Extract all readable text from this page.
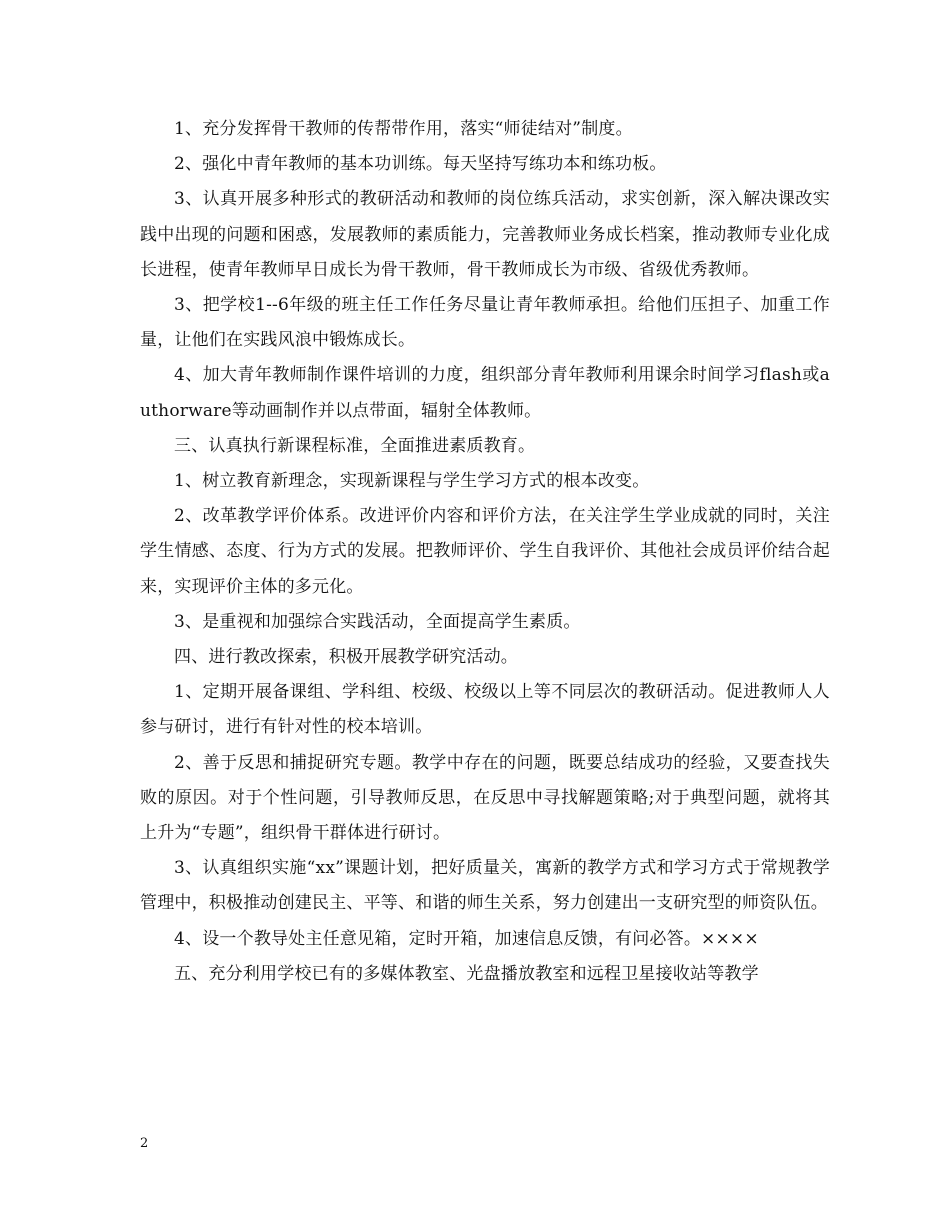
1、充分发挥骨干教师的传帮带作用，落实“师徒结对”制度。

2、强化中青年教师的基本功训练。每天坚持写练功本和练功板。

3、认真开展多种形式的教研活动和教师的岗位练兵活动，求实创新，深入解决课改实践中出现的问题和困惑，发展教师的素质能力，完善教师业务成长档案，推动教师专业化成长进程，使青年教师早日成长为骨干教师，骨干教师成长为市级、省级优秀教师。

3、把学校1--6年级的班主任工作任务尽量让青年教师承担。给他们压担子、加重工作量，让他们在实践风浪中锻炼成长。

4、加大青年教师制作课件培训的力度，组织部分青年教师利用课余时间学习flash或authorware等动画制作并以点带面，辐射全体教师。

三、认真执行新课程标准，全面推进素质教育。

1、树立教育新理念，实现新课程与学生学习方式的根本改变。

2、改革教学评价体系。改进评价内容和评价方法，在关注学生学业成就的同时，关注学生情感、态度、行为方式的发展。把教师评价、学生自我评价、其他社会成员评价结合起来，实现评价主体的多元化。

3、是重视和加强综合实践活动，全面提高学生素质。

四、进行教改探索，积极开展教学研究活动。

1、定期开展备课组、学科组、校级、校级以上等不同层次的教研活动。促进教师人人参与研讨，进行有针对性的校本培训。

2、善于反思和捕捉研究专题。教学中存在的问题，既要总结成功的经验，又要查找失败的原因。对于个性问题，引导教师反思，在反思中寻找解题策略;对于典型问题，就将其上升为“专题”，组织骨干群体进行研讨。

3、认真组织实施“xx”课题计划，把好质量关，寓新的教学方式和学习方式于常规教学管理中，积极推动创建民主、平等、和谐的师生关系，努力创建出一支研究型的师资队伍。

4、设一个教导处主任意见箱，定时开箱，加速信息反馈，有问必答。××××

五、充分利用学校已有的多媒体教室、光盘播放教室和远程卫星接收站等教学

2
